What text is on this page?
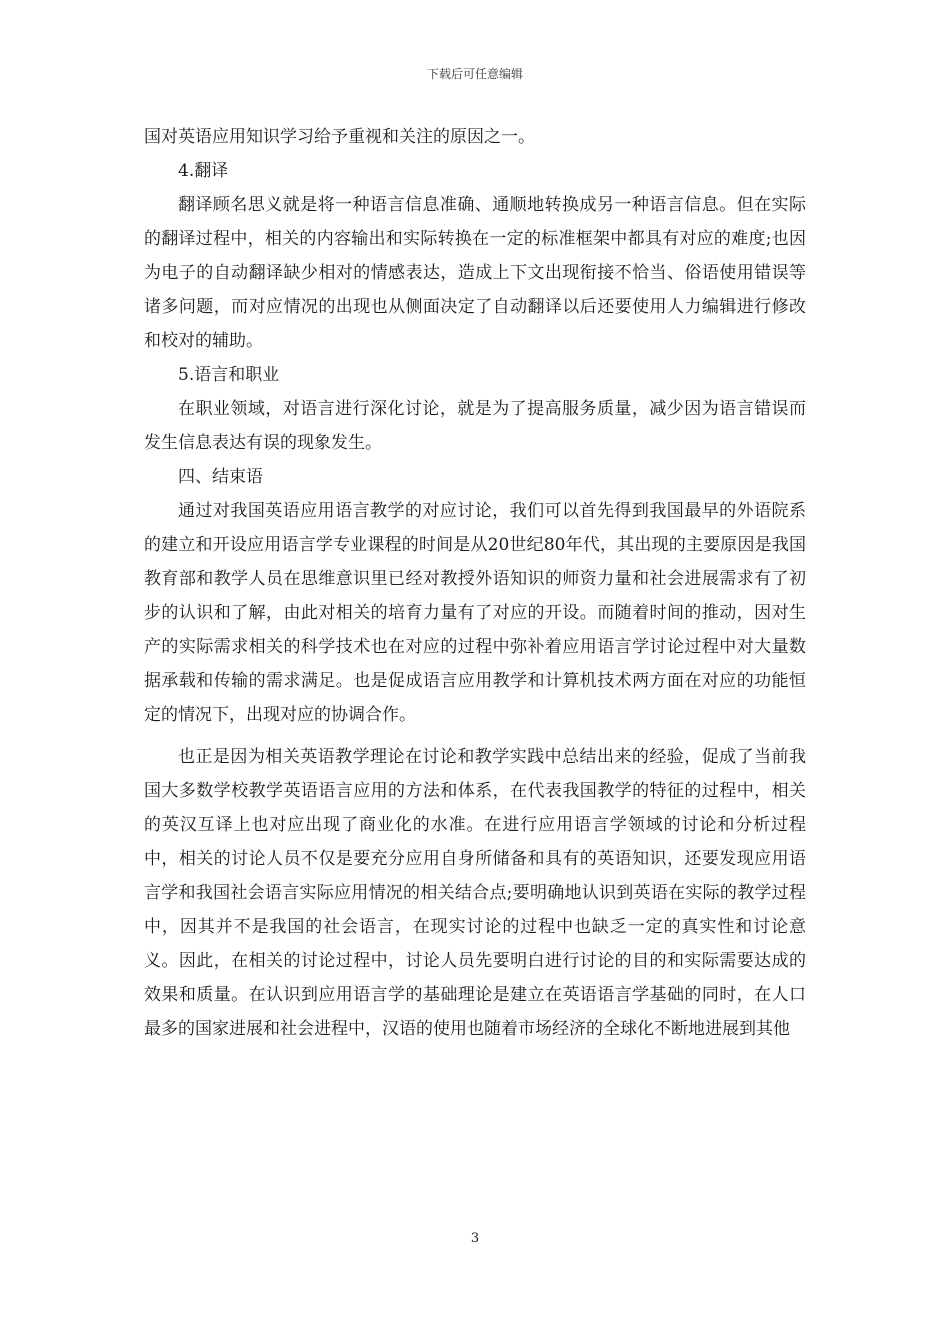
下载后可任意编辑

国对英语应用知识学习给予重视和关注的原因之一。

4.翻译

翻译顾名思义就是将一种语言信息准确、通顺地转换成另一种语言信息。但在实际的翻译过程中，相关的内容输出和实际转换在一定的标准框架中都具有对应的难度;也因为电子的自动翻译缺少相对的情感表达，造成上下文出现衔接不恰当、俗语使用错误等诸多问题，而对应情况的出现也从侧面决定了自动翻译以后还要使用人力编辑进行修改和校对的辅助。

5.语言和职业

在职业领域，对语言进行深化讨论，就是为了提高服务质量，减少因为语言错误而发生信息表达有误的现象发生。

四、结束语

通过对我国英语应用语言教学的对应讨论，我们可以首先得到我国最早的外语院系的建立和开设应用语言学专业课程的时间是从20世纪80年代，其出现的主要原因是我国教育部和教学人员在思维意识里已经对教授外语知识的师资力量和社会进展需求有了初步的认识和了解，由此对相关的培育力量有了对应的开设。而随着时间的推动，因对生产的实际需求相关的科学技术也在对应的过程中弥补着应用语言学讨论过程中对大量数据承载和传输的需求满足。也是促成语言应用教学和计算机技术两方面在对应的功能恒定的情况下，出现对应的协调合作。

也正是因为相关英语教学理论在讨论和教学实践中总结出来的经验，促成了当前我国大多数学校教学英语语言应用的方法和体系，在代表我国教学的特征的过程中，相关的英汉互译上也对应出现了商业化的水准。在进行应用语言学领域的讨论和分析过程中，相关的讨论人员不仅是要充分应用自身所储备和具有的英语知识，还要发现应用语言学和我国社会语言实际应用情况的相关结合点;要明确地认识到英语在实际的教学过程中，因其并不是我国的社会语言，在现实讨论的过程中也缺乏一定的真实性和讨论意义。因此，在相关的讨论过程中，讨论人员先要明白进行讨论的目的和实际需要达成的效果和质量。在认识到应用语言学的基础理论是建立在英语语言学基础的同时，在人口最多的国家进展和社会进程中，汉语的使用也随着市场经济的全球化不断地进展到其他

3
